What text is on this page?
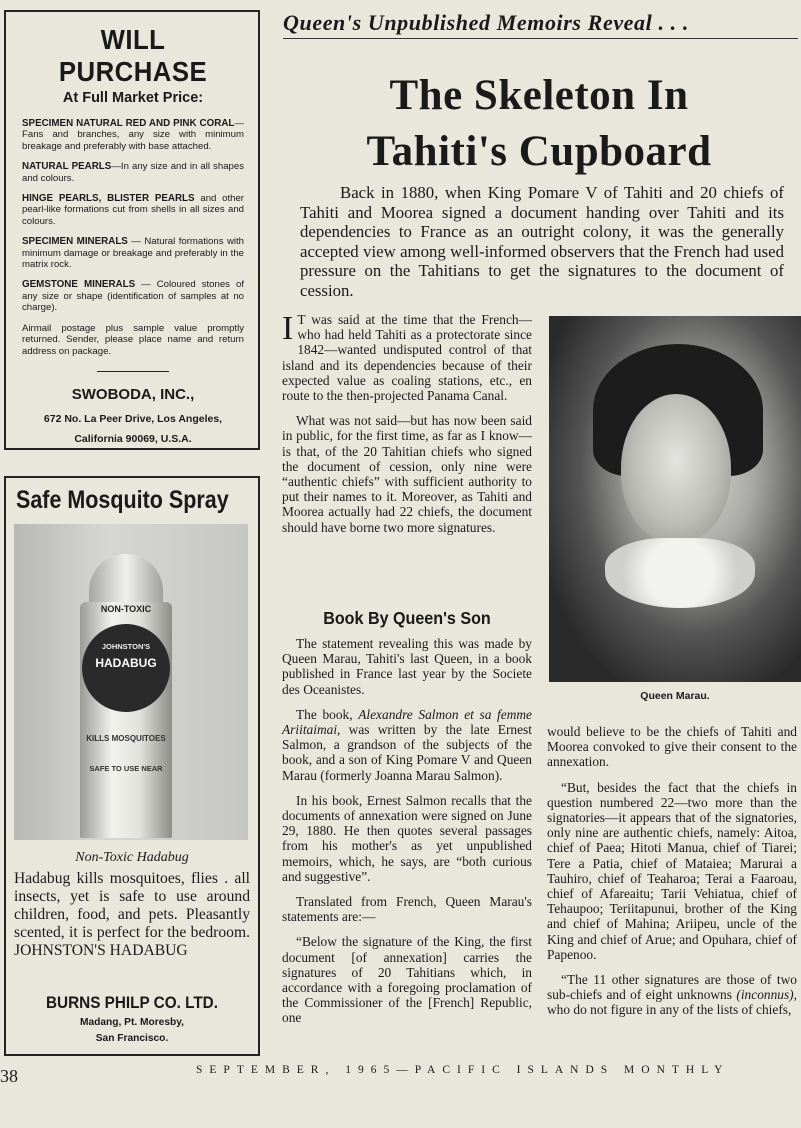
WILL PURCHASE
At Full Market Price:
SPECIMEN NATURAL RED AND PINK CORAL—Fans and branches, any size with minimum breakage and preferably with base attached.
NATURAL PEARLS—In any size and in all shapes and colours.
HINGE PEARLS, BLISTER PEARLS and other pearl-like formations cut from shells in all sizes and colours.
SPECIMEN MINERALS — Natural formations with minimum damage or breakage and preferably in the matrix rock.
GEMSTONE MINERALS — Coloured stones of any size or shape (identification of samples at no charge).
Airmail postage plus sample value promptly returned. Sender, please place name and return address on package.
SWOBODA, INC.,
672 No. La Peer Drive, Los Angeles,
California 90069, U.S.A.
Safe Mosquito Spray
NON-TOXIC
JOHNSTON'S
HADABUG
KILLS MOSQUITOES
SAFE TO USE NEAR
Non-Toxic Hadabug
Hadabug kills mosquitoes, flies . all insects, yet is safe to use around children, food, and pets. Pleasantly scented, it is perfect for the bedroom. JOHNSTON'S HADABUG
BURNS PHILP CO. LTD.
Madang, Pt. Moresby,
San Francisco.
Queen's Unpublished Memoirs Reveal . . .
The Skeleton In
Tahiti's Cupboard
Back in 1880, when King Pomare V of Tahiti and 20 chiefs of Tahiti and Moorea signed a document handing over Tahiti and its dependencies to France as an outright colony, it was the generally accepted view among well-informed observers that the French had used pressure on the Tahitians to get the signatures to the document of cession.

I T was said at the time that the French—who had held Tahiti as a protectorate since 1842—wanted undisputed control of that island and its dependencies because of their expected value as coaling stations, etc., en route to the then-projected Panama Canal.

What was not said—but has now been said in public, for the first time, as far as I know—is that, of the 20 Tahitian chiefs who signed the document of cession, only nine were “authentic chiefs” with sufficient authority to put their names to it. Moreover, as Tahiti and Moorea actually had 22 chiefs, the document should have borne two more signatures.

Book By Queen's Son

The statement revealing this was made by Queen Marau, Tahiti's last Queen, in a book published in France last year by the Societe des Oceanistes.

The book, Alexandre Salmon et sa femme Ariitaimai, was written by the late Ernest Salmon, a grandson of the subjects of the book, and a son of King Pomare V and Queen Marau (formerly Joanna Marau Salmon).

In his book, Ernest Salmon recalls that the documents of annexation were signed on June 29, 1880. He then quotes several passages from his mother's as yet unpublished memoirs, which, he says, are “both curious and suggestive”.

Translated from French, Queen Marau's statements are:—

“Below the signature of the King, the first document [of annexation] carries the signatures of 20 Tahitians which, in accordance with a foregoing proclamation of the Commissioner of the [French] Republic, one

Queen Marau.

would believe to be the chiefs of Tahiti and Moorea convoked to give their consent to the annexation.

“But, besides the fact that the chiefs in question numbered 22—two more than the signatories—it appears that of the signatories, only nine are authentic chiefs, namely: Aitoa, chief of Paea; Hitoti Manua, chief of Tiarei; Tere a Patia, chief of Mataiea; Marurai a Tauhiro, chief of Teaharoa; Terai a Faaroau, chief of Afareaitu; Tarii Vehiatua, chief of Tehaupoo; Teriitapunui, brother of the King and chief of Mahina; Ariipeu, uncle of the King and chief of Arue; and Opuhara, chief of Papenoo.

“The 11 other signatures are those of two sub-chiefs and of eight unknowns (inconnus), who do not figure in any of the lists of chiefs,

38	SEPTEMBER, 1965—PACIFIC ISLANDS MONTHLY
